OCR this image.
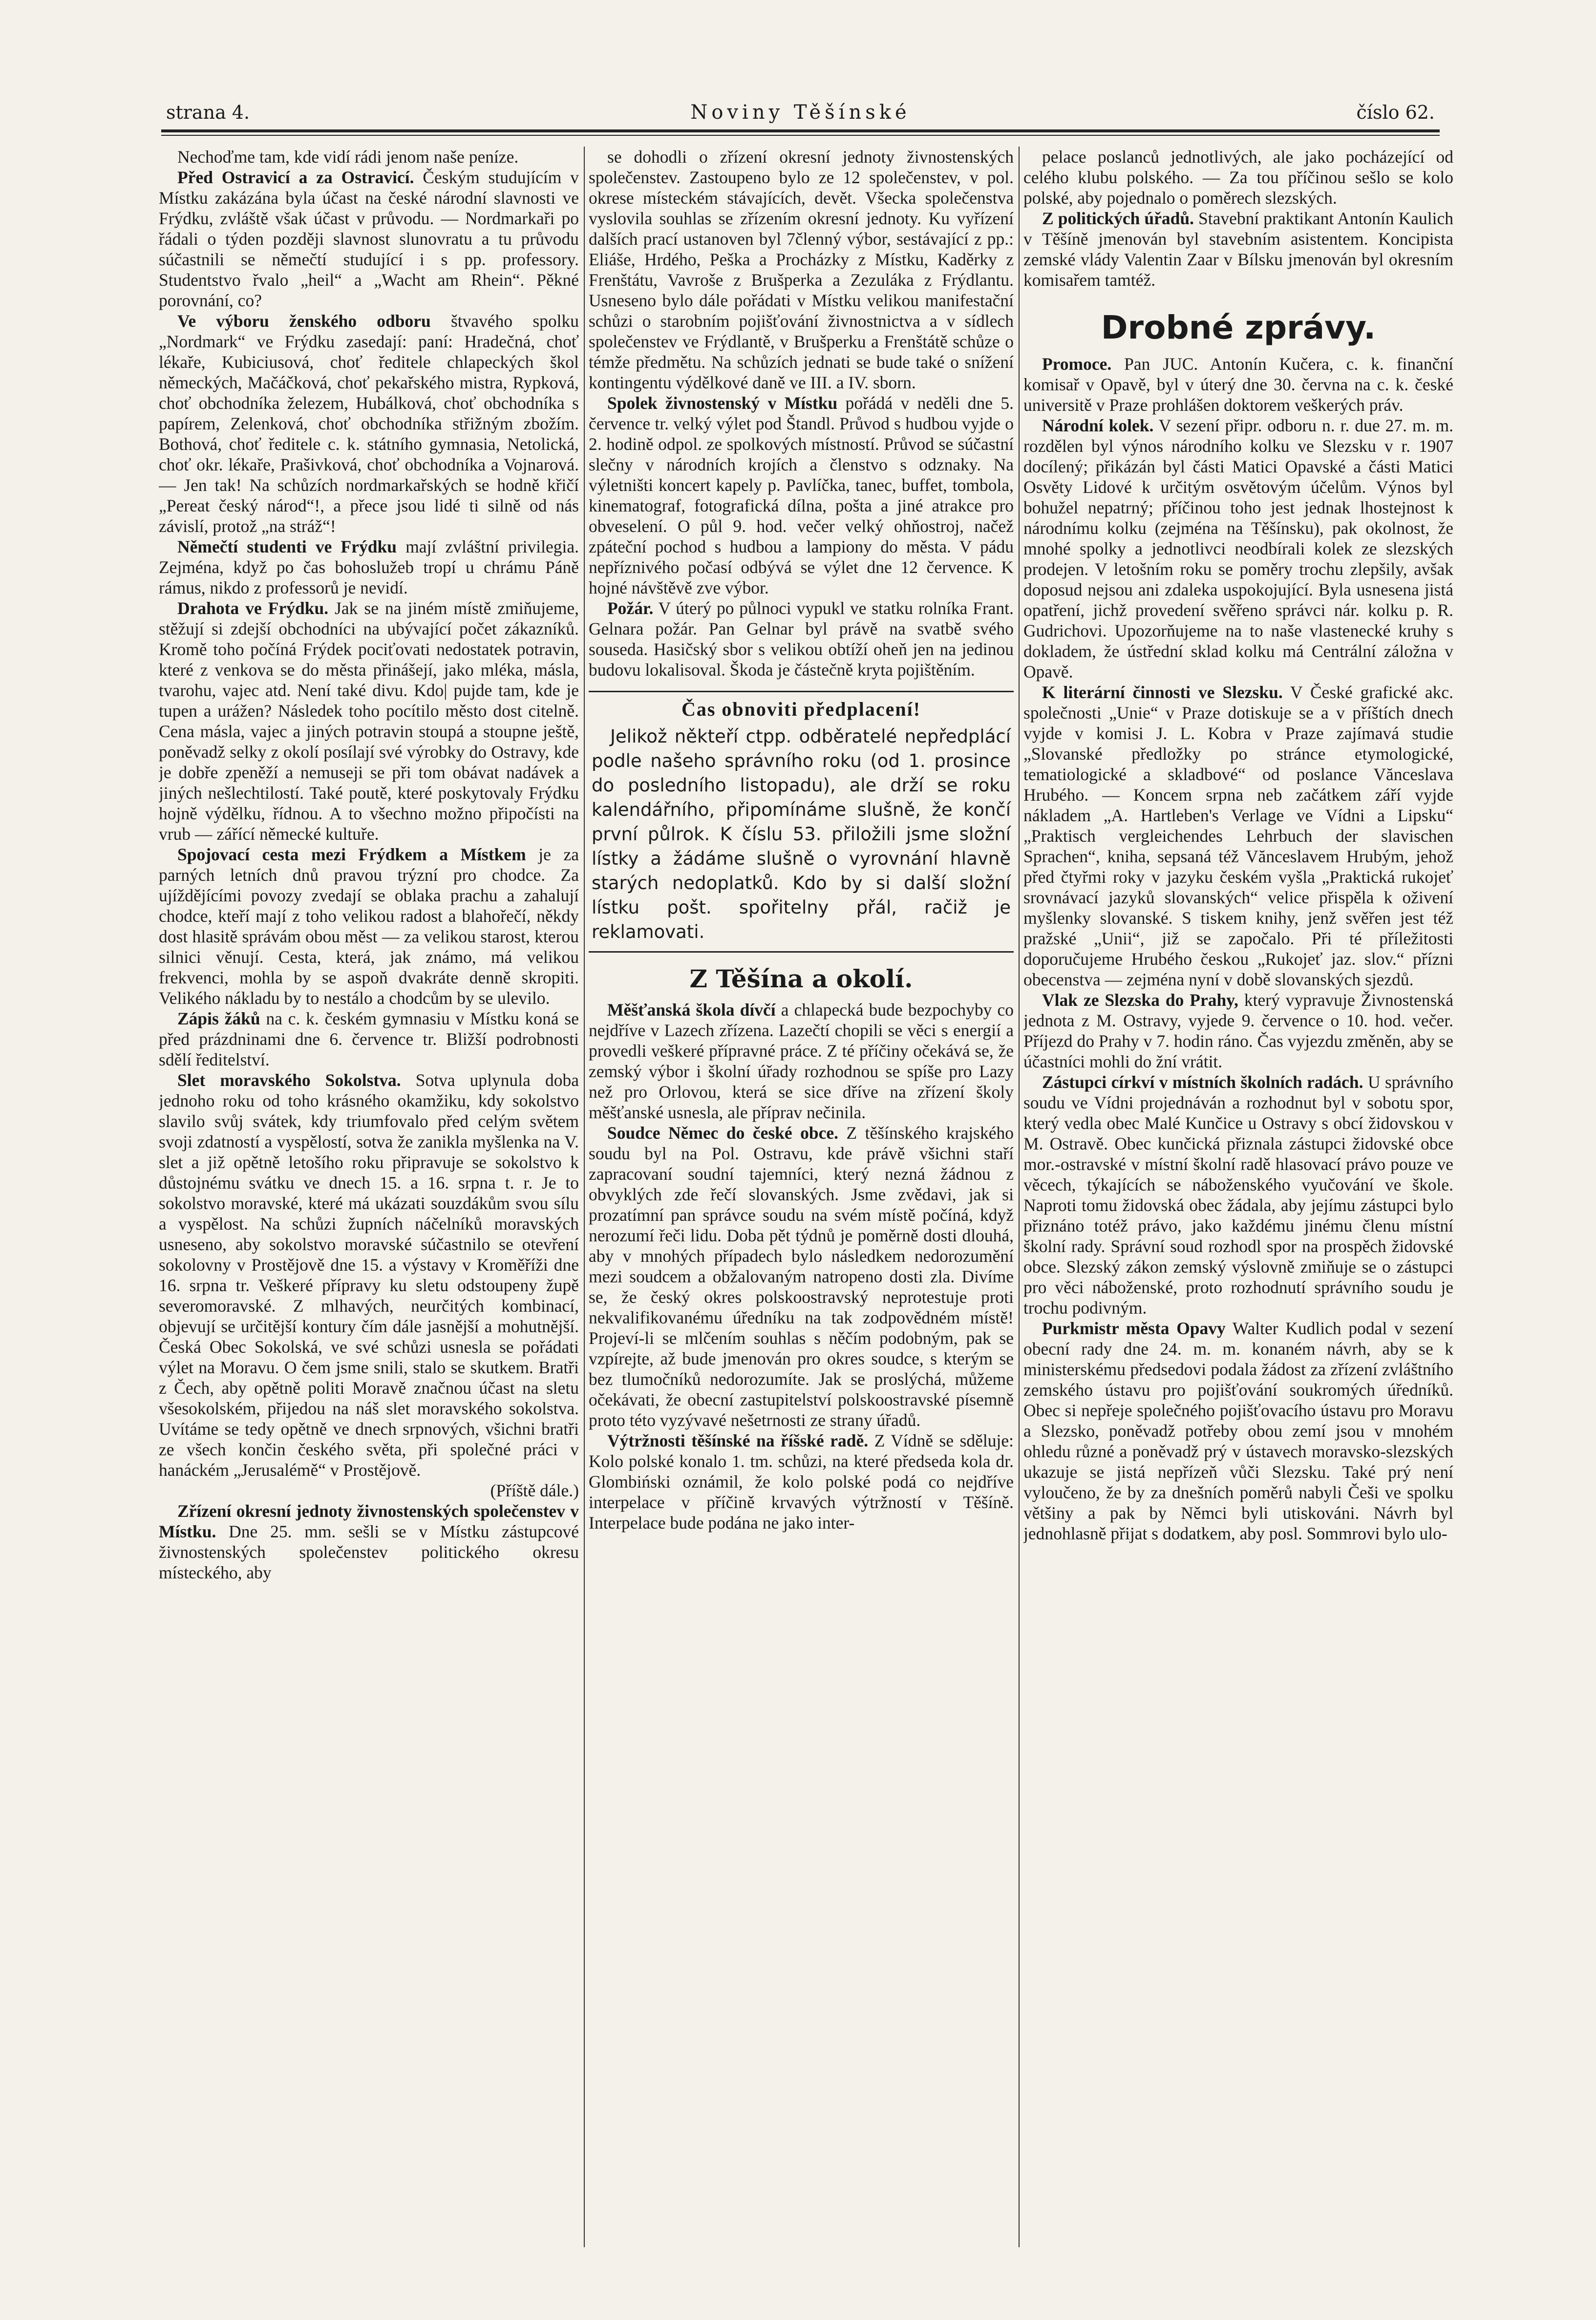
strana 4.	Noviny Těšínské	číslo 62.

Nechoďme tam, kde vidí rádi jenom naše peníze.

Před Ostravicí a za Ostravicí. Českým studujícím v Místku zakázána byla účast na české národní slavnosti ve Frýdku, zvláště však účast v průvodu. — Nordmarkaři po řádali o týden později slavnost slunovratu a tu průvodu súčastnili se němečtí studující i s pp. professory. Studentstvo řvalo „heil“ a „Wacht am Rhein“. Pěkné porovnání, co?

Ve výboru ženského odboru štvavého spolku „Nordmark“ ve Frýdku zasedají: paní: Hradečná, choť lékaře, Kubiciusová, choť ředitele chlapeckých škol německých, Mačáčková, choť pekařského mistra, Rypková, choť obchodníka železem, Hubálková, choť obchodníka s papírem, Zelenková, choť obchodníka střižným zbožím. Bothová, choť ředitele c. k. státního gymnasia, Netolická, choť okr. lékaře, Prašivková, choť obchodníka a Vojnarová. — Jen tak! Na schůzích nordmarkařských se hodně křičí „Pereat český národ“!, a přece jsou lidé ti silně od nás závislí, protož „na stráž“!

Němečtí studenti ve Frýdku mají zvláštní privilegia. Zejména, když po čas bohoslužeb tropí u chrámu Páně rámus, nikdo z professorů je nevidí.

Drahota ve Frýdku. Jak se na jiném místě zmiňujeme, stěžují si zdejší obchodníci na ubývající počet zákazníků. Kromě toho počíná Frýdek pociťovati nedostatek potravin, které z venkova se do města přinášejí, jako mléka, másla, tvarohu, vajec atd. Není také divu. Kdo| pujde tam, kde je tupen a urážen? Následek toho pocítilo město dost citelně. Cena másla, vajec a jiných potravin stoupá a stoupne ještě, poněvadž selky z okolí posílají své výrobky do Ostravy, kde je dobře zpeněží a nemuseji se při tom obávat nadávek a jiných nešlechtilostí. Také poutě, které poskytovaly Frýdku hojně výdělku, řídnou. A to všechno možno připočísti na vrub — zářící německé kultuře.

Spojovací cesta mezi Frýdkem a Místkem je za parných letních dnů pravou trýzní pro chodce. Za ujíždějícími povozy zvedají se oblaka prachu a zahalují chodce, kteří mají z toho velikou radost a blahořečí, někdy dost hlasitě správám obou měst — za velikou starost, kterou silnici věnují. Cesta, která, jak známo, má velikou frekvenci, mohla by se aspoň dvakráte denně skropiti. Velikého nákladu by to nestálo a chodcům by se ulevilo.

Zápis žáků na c. k. českém gymnasiu v Místku koná se před prázdninami dne 6. července tr. Bližší podrobnosti sdělí ředitelství.

Slet moravského Sokolstva. Sotva uplynula doba jednoho roku od toho krásného okamžiku, kdy sokolstvo slavilo svůj svátek, kdy triumfovalo před celým světem svoji zdatností a vyspělostí, sotva že zanikla myšlenka na V. slet a již opětně letošího roku připravuje se sokolstvo k důstojnému svátku ve dnech 15. a 16. srpna t. r. Je to sokolstvo moravské, které má ukázati souzdákům svou sílu a vyspělost. Na schůzi župních náčelníků moravských usneseno, aby sokolstvo moravské súčastnilo se otevření sokolovny v Prostějově dne 15. a výstavy v Kroměříži dne 16. srpna tr. Veškeré přípravy ku sletu odstoupeny župě severomoravské. Z mlhavých, neurčitých kombinací, objevují se určitější kontury čím dále jasnější a mohutnější. Česká Obec Sokolská, ve své schůzi usnesla se pořádati výlet na Moravu. O čem jsme snili, stalo se skutkem. Bratři z Čech, aby opětně politi Moravě značnou účast na sletu všesokolském, přijedou na náš slet moravského sokolstva. Uvítáme se tedy opětně ve dnech srpnových, všichni bratři ze všech končin českého světa, při společné práci v hanáckém „Jerusalémě“ v Prostějově.

(Příště dále.)

Zřízení okresní jednoty živnostenských společenstev v Místku. Dne 25. mm. sešli se v Místku zástupcové živnostenských společenstev politického okresu místeckého, aby

se dohodli o zřízení okresní jednoty živnostenských společenstev. Zastoupeno bylo ze 12 společenstev, v pol. okrese místeckém stávajících, devět. Všecka společenstva vyslovila souhlas se zřízením okresní jednoty. Ku vyřízení dalších prací ustanoven byl 7členný výbor, sestávající z pp.: Eliáše, Hrdého, Peška a Procházky z Místku, Kaděrky z Frenštátu, Vavroše z Brušperka a Zezuláka z Frýdlantu. Usneseno bylo dále pořádati v Místku velikou manifestační schůzi o starobním pojišťování živnostnictva a v sídlech společenstev ve Frýdlantě, v Brušperku a Frenštátě schůze o témže předmětu. Na schůzích jednati se bude také o snížení kontingentu výdělkové daně ve III. a IV. sborn.

Spolek živnostenský v Místku pořádá v neděli dne 5. července tr. velký výlet pod Štandl. Průvod s hudbou vyjde o 2. hodině odpol. ze spolkových místností. Průvod se súčastní slečny v národních krojích a členstvo s odznaky. Na výletništi koncert kapely p. Pavlíčka, tanec, buffet, tombola, kinematograf, fotografická dílna, pošta a jiné atrakce pro obveselení. O půl 9. hod. večer velký ohňostroj, načež zpáteční pochod s hudbou a lampiony do města. V pádu nepříznivého počasí odbývá se výlet dne 12 července. K hojné návštěvě zve výbor.

Požár. V úterý po půlnoci vypukl ve statku rolníka Frant. Gelnara požár. Pan Gelnar byl právě na svatbě svého souseda. Hasičský sbor s velikou obtíží oheň jen na jedinou budovu lokalisoval. Škoda je částečně kryta pojištěním.

Čas obnoviti předplacení!

Jelikož někteří ctpp. odběratelé nepředplácí podle našeho správního roku (od 1. prosince do posledního listopadu), ale drží se roku kalendářního, připomínáme slušně, že končí první půlrok. K číslu 53. přiložili jsme složní lístky a žádáme slušně o vyrovnání hlavně starých nedoplatků. Kdo by si další složní lístku pošt. spořitelny přál, račiž je reklamovati.

Z Těšína a okolí.

Měšťanská škola dívčí a chlapecká bude bezpochyby co nejdříve v Lazech zřízena. Lazečtí chopili se věci s energií a provedli veškeré přípravné práce. Z té příčiny očekává se, že zemský výbor i školní úřady rozhodnou se spíše pro Lazy než pro Orlovou, která se sice dříve na zřízení školy měšťanské usnesla, ale příprav nečinila.

Soudce Němec do české obce. Z těšínského krajského soudu byl na Pol. Ostravu, kde právě všichni staří zapracovaní soudní tajemníci, který nezná žádnou z obvyklých zde řečí slovanských. Jsme zvědavi, jak si prozatímní pan správce soudu na svém místě počíná, když nerozumí řeči lidu. Doba pět týdnů je poměrně dosti dlouhá, aby v mnohých případech bylo následkem nedorozumění mezi soudcem a obžalovaným natropeno dosti zla. Divíme se, že český okres polskoostravský neprotestuje proti nekvalifikovanému úředníku na tak zodpovědném místě! Projeví-li se mlčením souhlas s něčím podobným, pak se vzpírejte, až bude jmenován pro okres soudce, s kterým se bez tlumočníků nedorozumíte. Jak se proslýchá, můžeme očekávati, že obecní zastupitelství polskoostravské písemně proto této vyzývavé nešetrnosti ze strany úřadů.

Výtržnosti těšínské na říšské radě. Z Vídně se sděluje: Kolo polské konalo 1. tm. schůzi, na které předseda kola dr. Glombiński oznámil, že kolo polské podá co nejdříve interpelace v příčině krvavých výtržností v Těšíně. Interpelace bude podána ne jako inter-

pelace poslanců jednotlivých, ale jako pocházející od celého klubu polského. — Za tou příčinou sešlo se kolo polské, aby pojednalo o poměrech slezských.

Z politických úřadů. Stavební praktikant Antonín Kaulich v Těšíně jmenován byl stavebním asistentem. Koncipista zemské vlády Valentin Zaar v Bílsku jmenován byl okresním komisařem tamtéž.

Drobné zprávy.

Promoce. Pan JUC. Antonín Kučera, c. k. finanční komisař v Opavě, byl v úterý dne 30. června na c. k. české universitě v Praze prohlášen doktorem veškerých práv.

Národní kolek. V sezení připr. odboru n. r. due 27. m. m. rozdělen byl výnos národního kolku ve Slezsku v r. 1907 docílený; přikázán byl části Matici Opavské a části Matici Osvěty Lidové k určitým osvětovým účelům. Výnos byl bohužel nepatrný; příčinou toho jest jednak lhostejnost k národnímu kolku (zejména na Těšínsku), pak okolnost, že mnohé spolky a jednotlivci neodbírali kolek ze slezských prodejen. V letošním roku se poměry trochu zlepšily, avšak doposud nejsou ani zdaleka uspokojující. Byla usnesena jistá opatření, jichž provedení svěřeno správci nár. kolku p. R. Gudrichovi. Upozorňujeme na to naše vlastenecké kruhy s dokladem, že ústřední sklad kolku má Centrální záložna v Opavě.

K literární činnosti ve Slezsku. V České grafické akc. společnosti „Unie“ v Praze dotiskuje se a v příštích dnech vyjde v komisi J. L. Kobra v Praze zajímavá studie „Slovanské předložky po stránce etymologické, tematiologické a skladbové“ od poslance Vănceslava Hrubého. — Koncem srpna neb začátkem září vyjde nákladem „A. Hartleben's Verlage ve Vídni a Lipsku“ „Praktisch vergleichendes Lehrbuch der slavischen Sprachen“, kniha, sepsaná též Vănceslavem Hrubým, jehož před čtyřmi roky v jazyku českém vyšla „Praktická rukojeť srovnávací jazyků slovanských“ velice přispěla k oživení myšlenky slovanské. S tiskem knihy, jenž svěřen jest též pražské „Unii“, již se započalo. Při té příležitosti doporučujeme Hrubého českou „Rukojeť jaz. slov.“ přízni obecenstva — zejména nyní v době slovanských sjezdů.

Vlak ze Slezska do Prahy, který vypravuje Živnostenská jednota z M. Ostravy, vyjede 9. července o 10. hod. večer. Příjezd do Prahy v 7. hodin ráno. Čas vyjezdu změněn, aby se účastníci mohli do žní vrátit.

Zástupci církví v místních školních radách. U správního soudu ve Vídni projednáván a rozhodnut byl v sobotu spor, který vedla obec Malé Kunčice u Ostravy s obcí židovskou v M. Ostravě. Obec kunčická přiznala zástupci židovské obce mor.-ostravské v místní školní radě hlasovací právo pouze ve věcech, týkajících se náboženského vyučování ve škole. Naproti tomu židovská obec žádala, aby jejímu zástupci bylo přiznáno totéž právo, jako každému jinému členu místní školní rady. Správní soud rozhodl spor na prospěch židovské obce. Slezský zákon zemský výslovně zmiňuje se o zástupci pro věci náboženské, proto rozhodnutí správního soudu je trochu podivným.

Purkmistr města Opavy Walter Kudlich podal v sezení obecní rady dne 24. m. m. konaném návrh, aby se k ministerskému předsedovi podala žádost za zřízení zvláštního zemského ústavu pro pojišťování soukromých úředníků. Obec si nepřeje společného pojišťovacího ústavu pro Moravu a Slezsko, poněvadž potřeby obou zemí jsou v mnohém ohledu různé a poněvadž prý v ústavech moravsko-slezských ukazuje se jistá nepřízeň vůči Slezsku. Také prý není vyloučeno, že by za dnešních poměrů nabyli Češi ve spolku většiny a pak by Němci byli utiskováni. Návrh byl jednohlasně přijat s dodatkem, aby posl. Sommrovi bylo ulo-
